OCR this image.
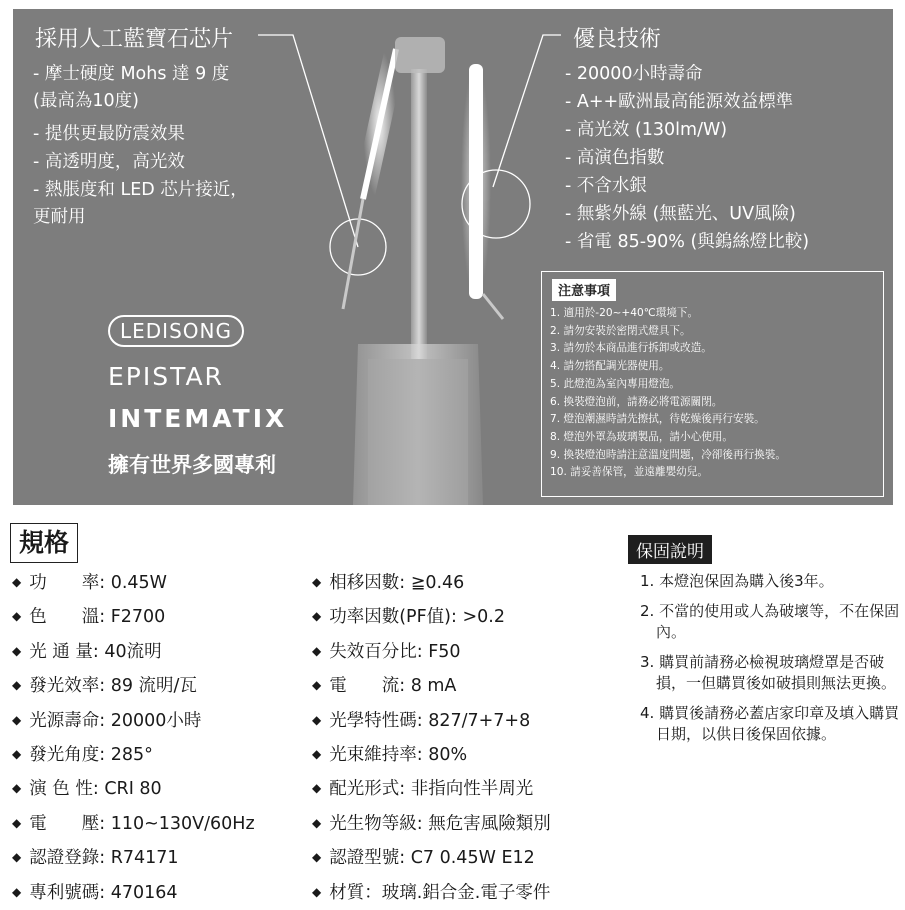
採用人工藍寶石芯片
- 摩士硬度 Mohs 達 9 度
(最高為10度)
- 提供更最防震效果
- 高透明度，高光效
- 熱脹度和 LED 芯片接近，
更耐用
優良技術
- 20000小時壽命
- A++歐洲最高能源效益標準
- 高光效 (130lm/W)
- 高演色指數
- 不含水銀
- 無紫外線 (無藍光、UV風險)
- 省電 85-90% (與鎢絲燈比較)
LEDISONG
EPISTAR
INTEMATIX
擁有世界多國專利
注意事項
1. 適用於-20~+40℃環境下。
2. 請勿安裝於密閉式燈具下。
3. 請勿於本商品進行拆卸或改造。
4. 請勿搭配調光器使用。
5. 此燈泡為室內專用燈泡。
6. 換裝燈泡前，請務必將電源關閉。
7. 燈泡潮濕時請先擦拭，待乾燥後再行安裝。
8. 燈泡外罩為玻璃製品，請小心使用。
9. 換裝燈泡時請注意溫度問題，冷卻後再行換裝。
10. 請妥善保管，並遠離嬰幼兒。
規格
◆ 功　　率: 0.45W
◆ 色　　溫: F2700
◆ 光 通 量: 40流明
◆ 發光效率: 89 流明/瓦
◆ 光源壽命: 20000小時
◆ 發光角度: 285°
◆ 演 色 性: CRI 80
◆ 電　　壓: 110~130V/60Hz
◆ 認證登錄: R74171
◆ 專利號碼: 470164
◆ 相移因數: ≧0.46
◆ 功率因數(PF值): >0.2
◆ 失效百分比: F50
◆ 電　　流: 8 mA
◆ 光學特性碼: 827/7+7+8
◆ 光束維持率: 80%
◆ 配光形式: 非指向性半周光
◆ 光生物等級: 無危害風險類別
◆ 認證型號: C7 0.45W E12
◆ 材質：玻璃.鋁合金.電子零件
保固說明
1. 本燈泡保固為購入後3年。
2. 不當的使用或人為破壞等，不在保固內。
3. 購買前請務必檢視玻璃燈罩是否破損，一但購買後如破損則無法更換。
4. 購買後請務必蓋店家印章及填入購買日期，以供日後保固依據。
